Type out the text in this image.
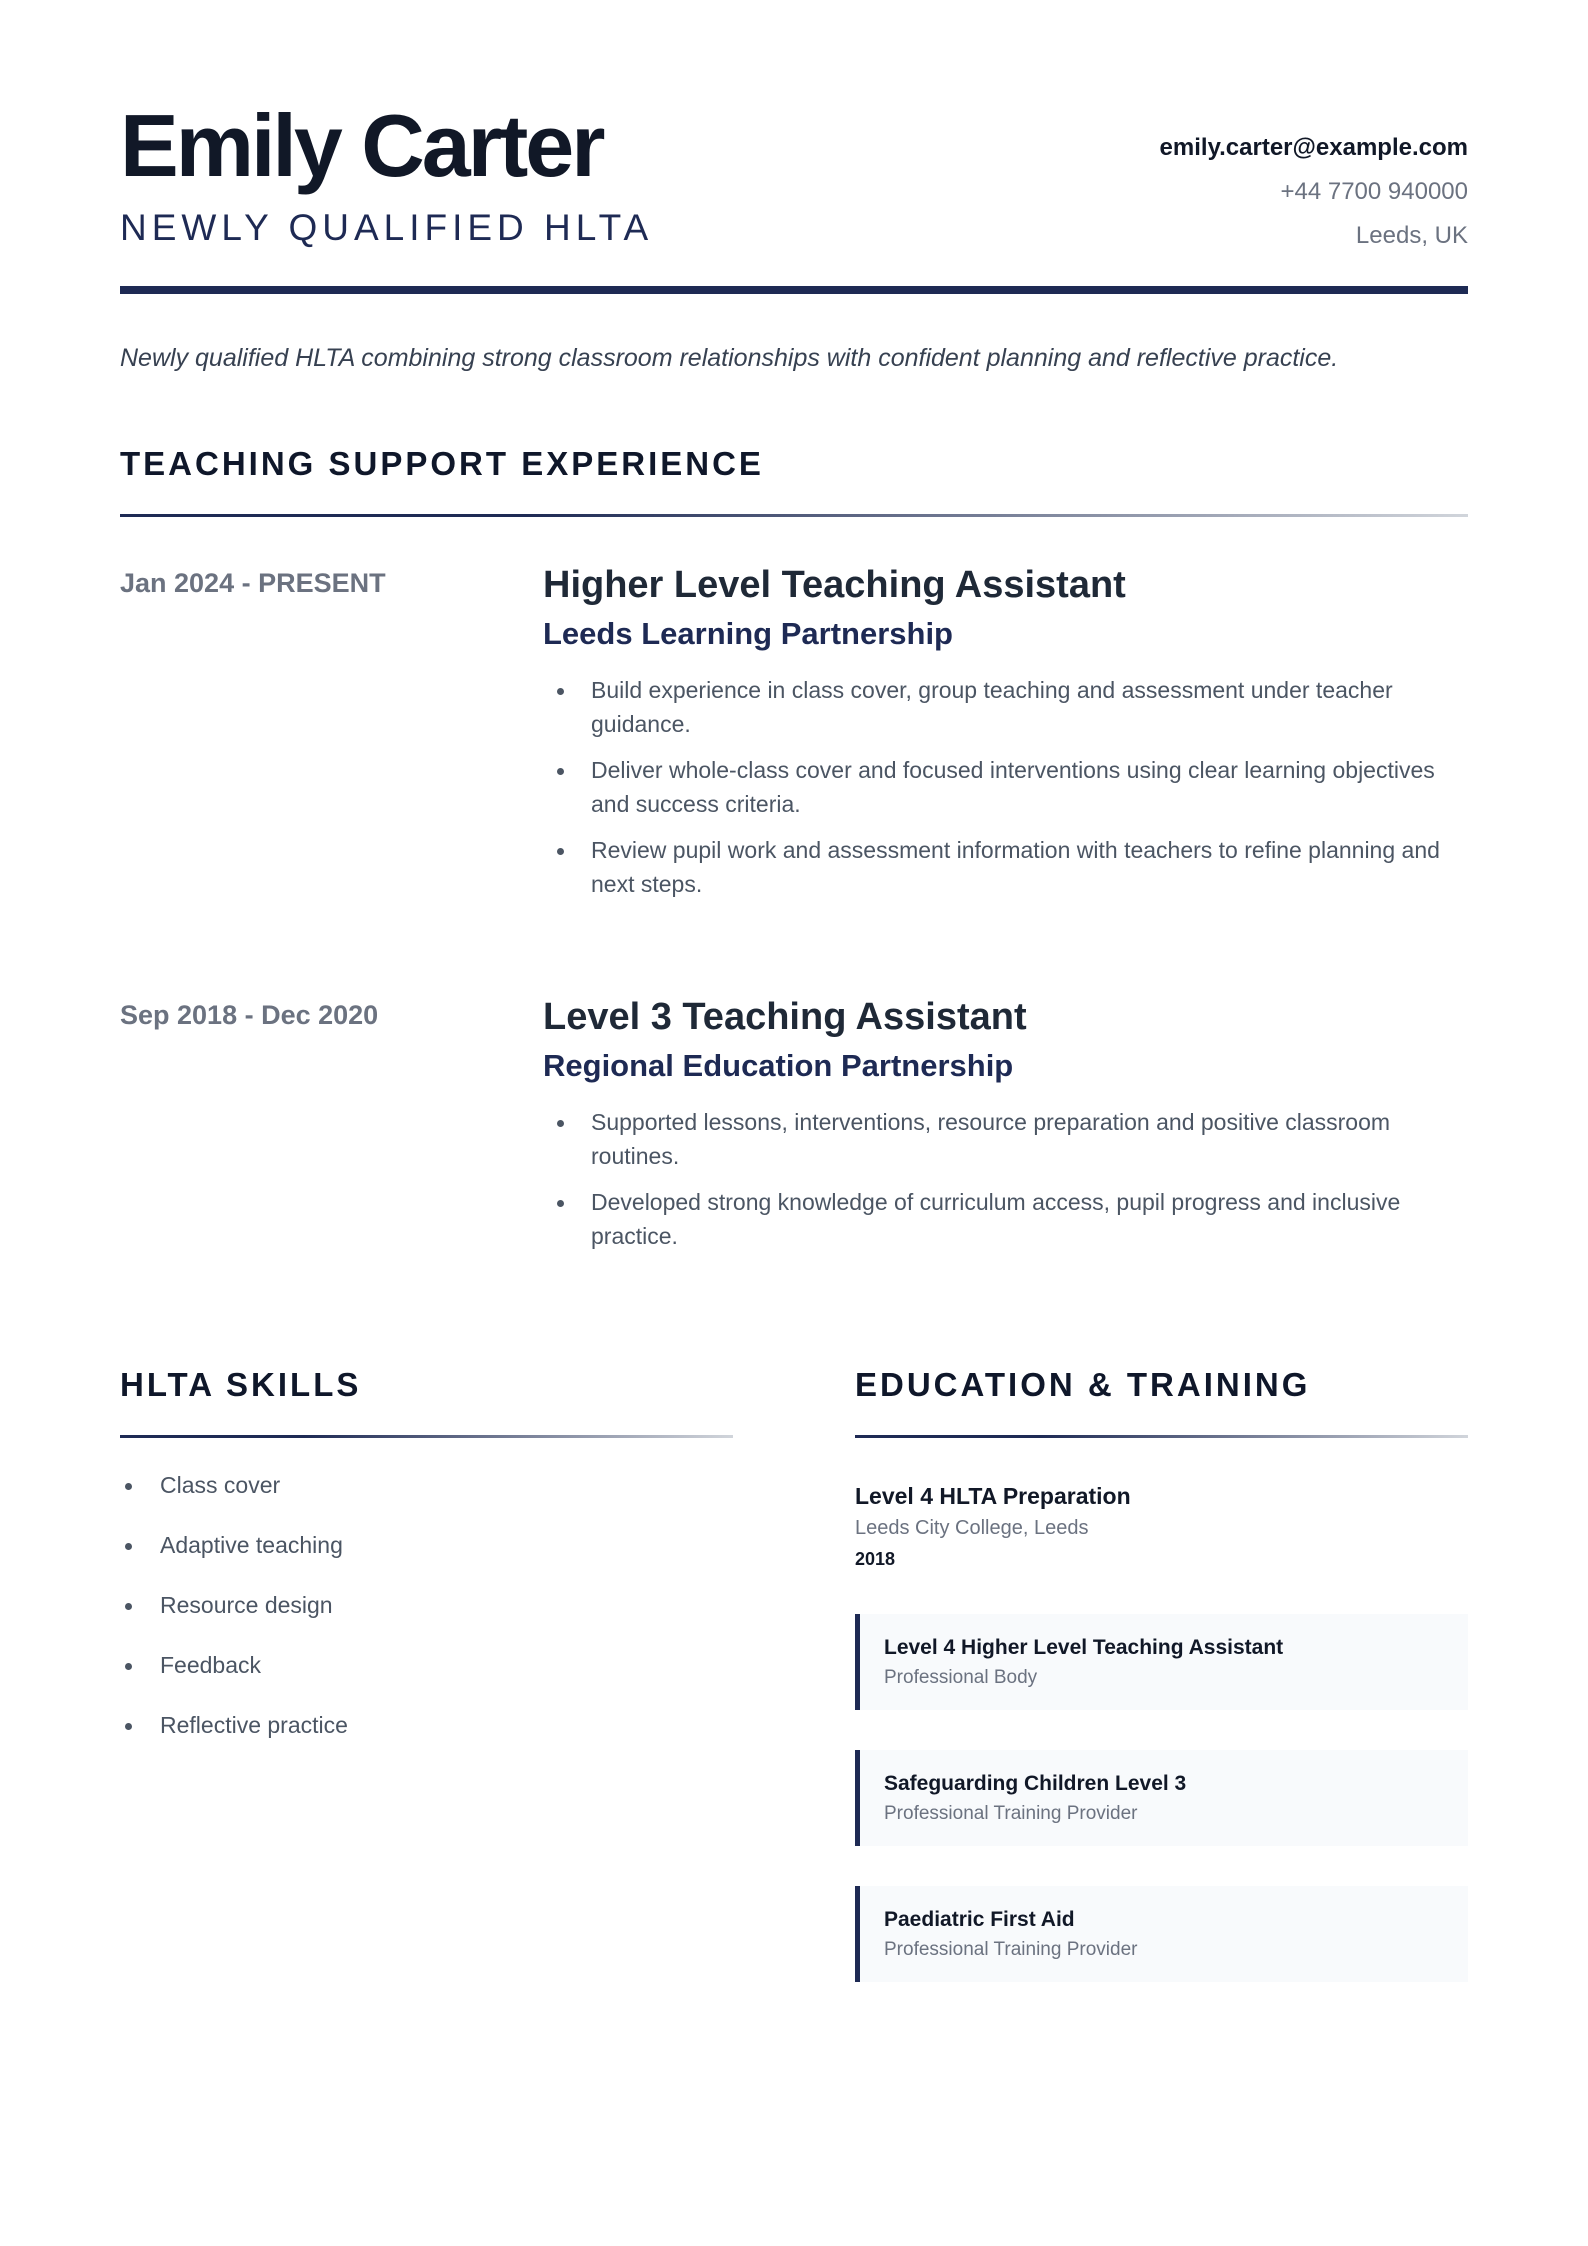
Emily Carter
NEWLY QUALIFIED HLTA
emily.carter@example.com
+44 7700 940000
Leeds, UK

Newly qualified HLTA combining strong classroom relationships with confident planning and reflective practice.

TEACHING SUPPORT EXPERIENCE
Jan 2024 - PRESENT	Higher Level Teaching Assistant
Leeds Learning Partnership
Build experience in class cover, group teaching and assessment under teacher guidance.
Deliver whole-class cover and focused interventions using clear learning objectives and success criteria.
Review pupil work and assessment information with teachers to refine planning and next steps.
Sep 2018 - Dec 2020	Level 3 Teaching Assistant
Regional Education Partnership
Supported lessons, interventions, resource preparation and positive classroom routines.
Developed strong knowledge of curriculum access, pupil progress and inclusive practice.
HLTA SKILLS
Class cover
Adaptive teaching
Resource design
Feedback
Reflective practice
EDUCATION & TRAINING
Level 4 HLTA Preparation
Leeds City College, Leeds
2018
Level 4 Higher Level Teaching Assistant
Professional Body
Safeguarding Children Level 3
Professional Training Provider
Paediatric First Aid
Professional Training Provider
